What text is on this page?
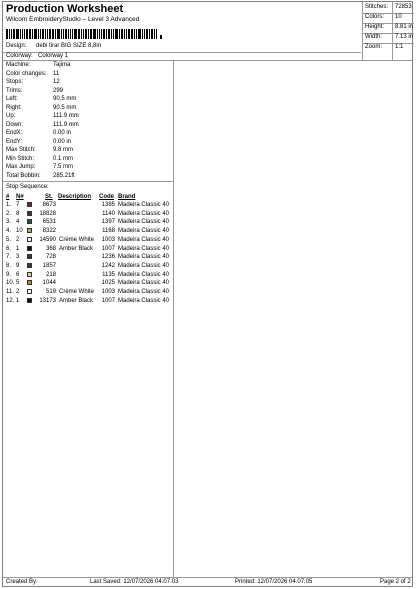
Production Worksheet
Wilcom EmbroideryStudio – Level 3 Advanced
Design: debi tirar BIG SIZE 8,8in
Colorway: Colorway 1
Stitches: 72853
Colors: 10
Height: 8.81 in
Width: 7.13 in
Zoom: 1:1
Machine:	Tajima
Color changes: 11
Stops:	12
Trims:	299
Left:	90.5 mm
Right:	90.5 mm
Up:	111.9 mm
Down:	111.9 mm
EndX:	0.00 in
EndY:	0.00 in
Max Stitch:	9.8 mm
Min Stitch:	0.1 mm
Max Jump:	7.5 mm
Total Bobbin: 285.21ft
Stop Sequence:
# N#	St. Description Code Brand
1. 7	8673	1385 Madeira Classic 40
2. 8	18828	1140 Madeira Classic 40
3. 4	6531	1397 Madeira Classic 40
4. 10	8322	1168 Madeira Classic 40
5. 2	14590 Crème White	1003 Madeira Classic 40
6. 1	368 Amber Black	1007 Madeira Classic 40
7. 3	728	1236 Madeira Classic 40
8. 9	1857	1242 Madeira Classic 40
9. 6	218	1135 Madeira Classic 40
10. 5	1044	1025 Madeira Classic 40
11. 2	519 Crème White	1003 Madeira Classic 40
12. 1	13173 Amber Black	1007 Madeira Classic 40
Created By:	Last Saved: 12/07/2026 04.07.03	Printed: 12/07/2026 04.07.05	Page 2 of 2
